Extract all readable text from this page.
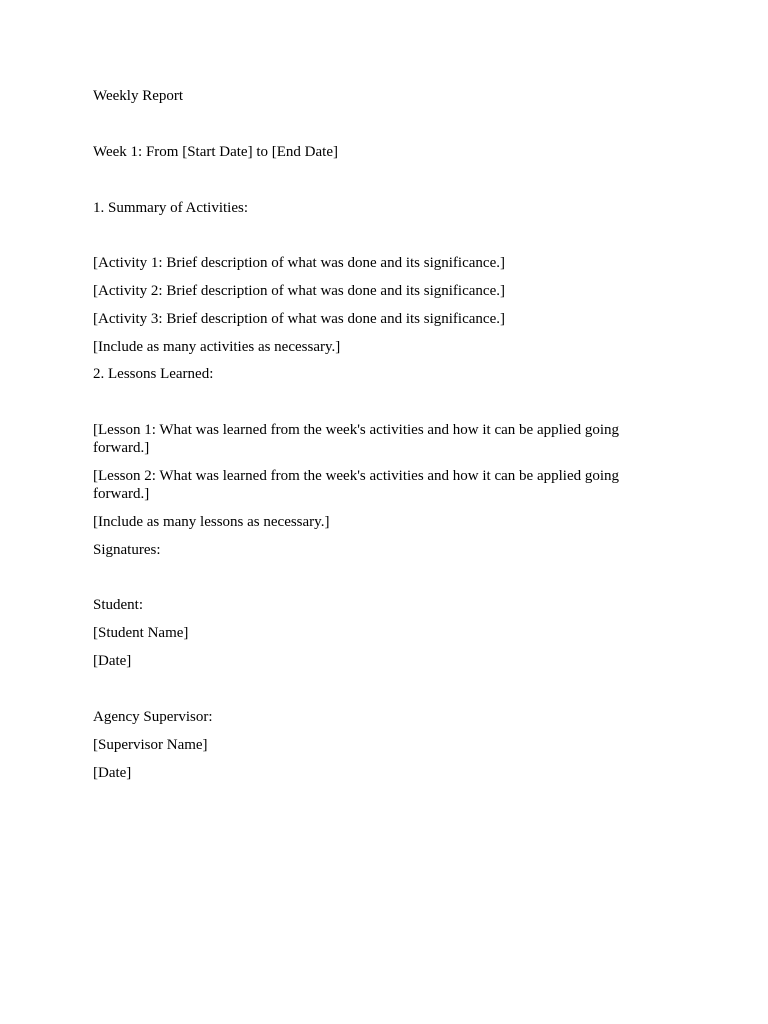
Weekly Report

Week 1: From [Start Date] to [End Date]

1. Summary of Activities:

[Activity 1: Brief description of what was done and its significance.]

[Activity 2: Brief description of what was done and its significance.]

[Activity 3: Brief description of what was done and its significance.]

[Include as many activities as necessary.]

2. Lessons Learned:

[Lesson 1: What was learned from the week's activities and how it can be applied going forward.]

[Lesson 2: What was learned from the week's activities and how it can be applied going forward.]

[Include as many lessons as necessary.]

Signatures:

Student:

[Student Name]

[Date]

Agency Supervisor:

[Supervisor Name]

[Date]
